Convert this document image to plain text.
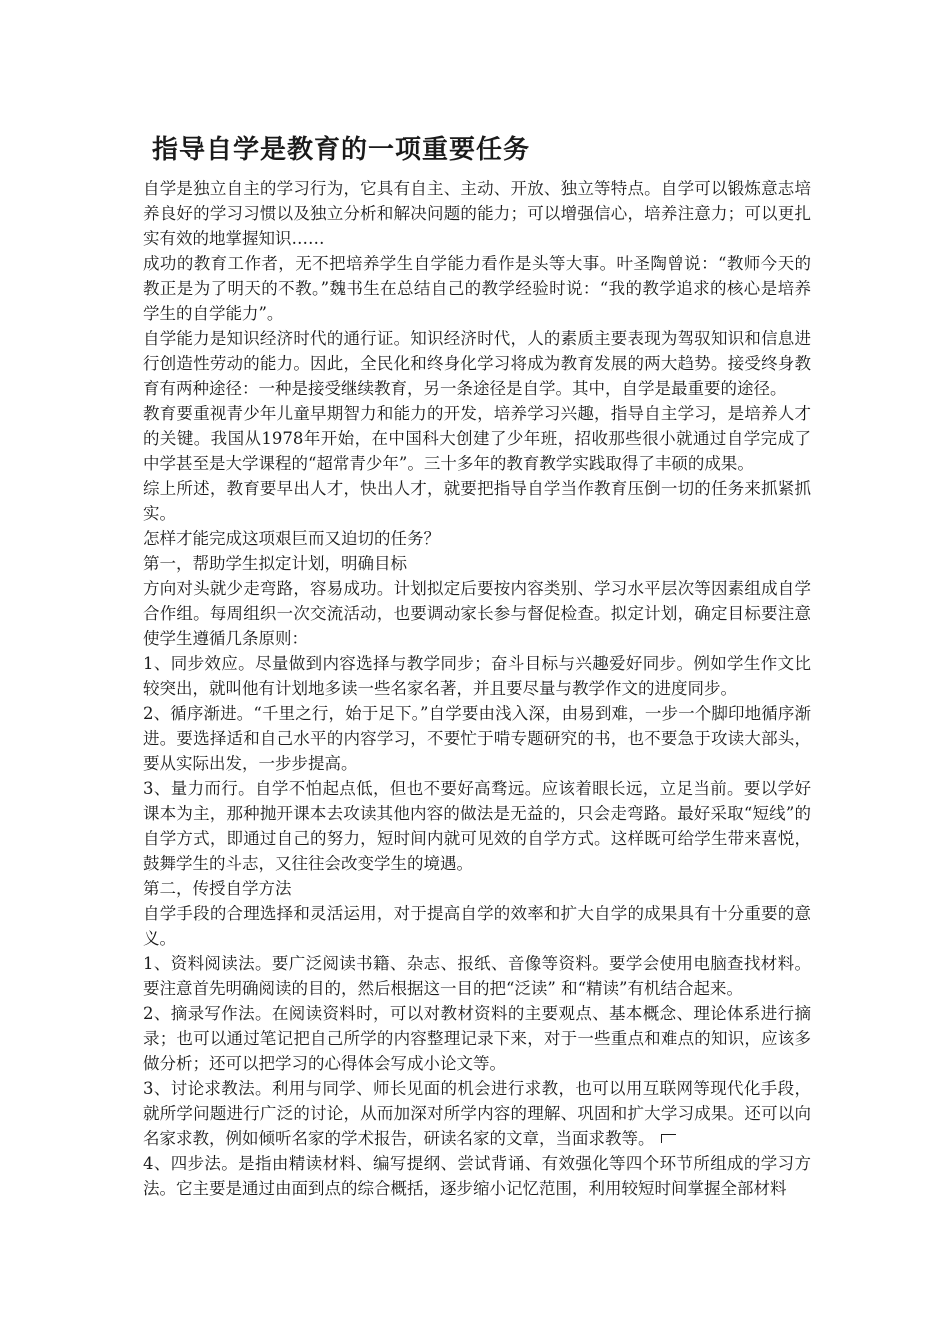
指导自学是教育的一项重要任务

自学是独立自主的学习行为，它具有自主、主动、开放、独立等特点。自学可以锻炼意志培养良好的学习习惯以及独立分析和解决问题的能力；可以增强信心，培养注意力；可以更扎实有效的地掌握知识……

成功的教育工作者，无不把培养学生自学能力看作是头等大事。叶圣陶曾说：“教师今天的教正是为了明天的不教。”魏书生在总结自己的教学经验时说：“我的教学追求的核心是培养学生的自学能力”。

自学能力是知识经济时代的通行证。知识经济时代，人的素质主要表现为驾驭知识和信息进行创造性劳动的能力。因此，全民化和终身化学习将成为教育发展的两大趋势。接受终身教育有两种途径：一种是接受继续教育，另一条途径是自学。其中，自学是最重要的途径。

教育要重视青少年儿童早期智力和能力的开发，培养学习兴趣，指导自主学习，是培养人才的关键。我国从1978年开始，在中国科大创建了少年班，招收那些很小就通过自学完成了中学甚至是大学课程的“超常青少年”。三十多年的教育教学实践取得了丰硕的成果。

综上所述，教育要早出人才，快出人才，就要把指导自学当作教育压倒一切的任务来抓紧抓实。

怎样才能完成这项艰巨而又迫切的任务？

第一，帮助学生拟定计划，明确目标

方向对头就少走弯路，容易成功。计划拟定后要按内容类别、学习水平层次等因素组成自学合作组。每周组织一次交流活动，也要调动家长参与督促检查。拟定计划，确定目标要注意使学生遵循几条原则：

1、同步效应。尽量做到内容选择与教学同步；奋斗目标与兴趣爱好同步。例如学生作文比较突出，就叫他有计划地多读一些名家名著，并且要尽量与教学作文的进度同步。

2、循序渐进。“千里之行，始于足下。”自学要由浅入深，由易到难，一步一个脚印地循序渐进。要选择适和自己水平的内容学习，不要忙于啃专题研究的书，也不要急于攻读大部头，要从实际出发，一步步提高。

3、量力而行。自学不怕起点低，但也不要好高骛远。应该着眼长远，立足当前。要以学好课本为主，那种抛开课本去攻读其他内容的做法是无益的，只会走弯路。最好采取“短线”的自学方式，即通过自己的努力，短时间内就可见效的自学方式。这样既可给学生带来喜悦，鼓舞学生的斗志，又往往会改变学生的境遇。

第二，传授自学方法

自学手段的合理选择和灵活运用，对于提高自学的效率和扩大自学的成果具有十分重要的意义。

1、资料阅读法。要广泛阅读书籍、杂志、报纸、音像等资料。要学会使用电脑查找材料。要注意首先明确阅读的目的，然后根据这一目的把“泛读” 和“精读”有机结合起来。

2、摘录写作法。在阅读资料时，可以对教材资料的主要观点、基本概念、理论体系进行摘录；也可以通过笔记把自己所学的内容整理记录下来，对于一些重点和难点的知识，应该多做分析；还可以把学习的心得体会写成小论文等。

3、讨论求教法。利用与同学、师长见面的机会进行求教，也可以用互联网等现代化手段，就所学问题进行广泛的讨论，从而加深对所学内容的理解、巩固和扩大学习成果。还可以向名家求教，例如倾听名家的学术报告，研读名家的文章，当面求教等。

4、四步法。是指由精读材料、编写提纲、尝试背诵、有效强化等四个环节所组成的学习方法。它主要是通过由面到点的综合概括，逐步缩小记忆范围，利用较短时间掌握全部材料
